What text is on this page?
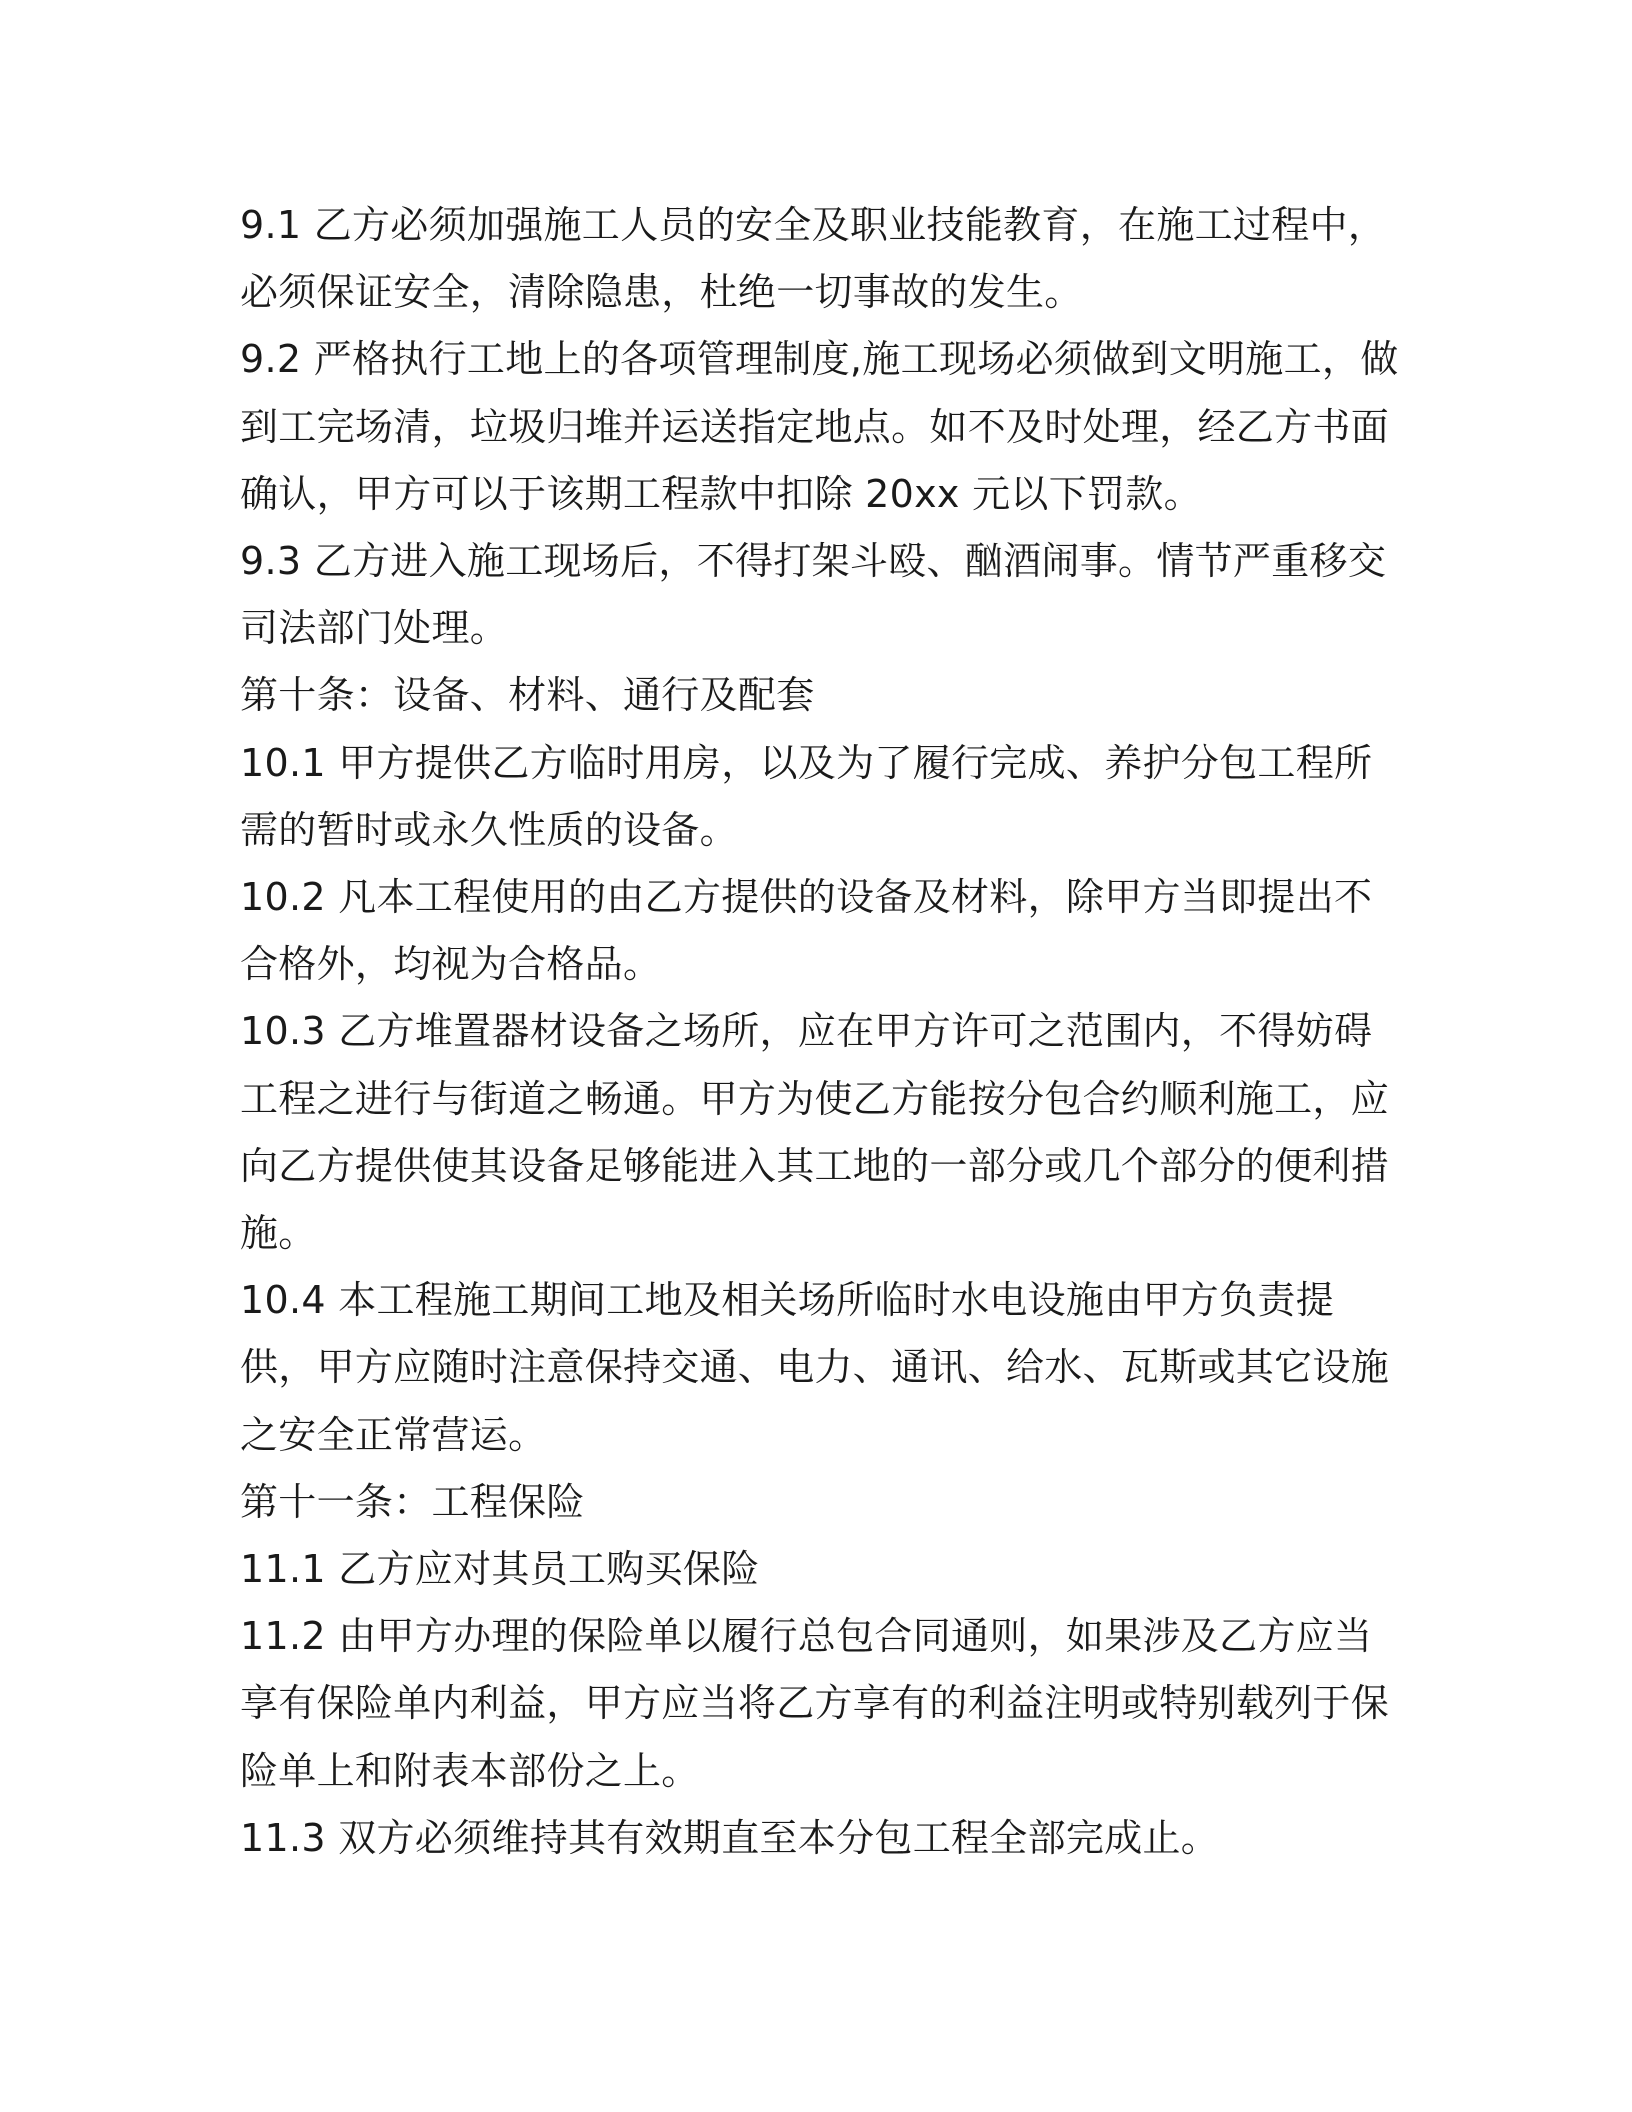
9.1 乙方必须加强施工人员的安全及职业技能教育，在施工过程中，必须保证安全，清除隐患，杜绝一切事故的发生。

9.2 严格执行工地上的各项管理制度,施工现场必须做到文明施工，做到工完场清，垃圾归堆并运送指定地点。如不及时处理，经乙方书面确认，甲方可以于该期工程款中扣除 20xx 元以下罚款。

9.3 乙方进入施工现场后，不得打架斗殴、酗酒闹事。情节严重移交司法部门处理。

第十条：设备、材料、通行及配套

10.1 甲方提供乙方临时用房，以及为了履行完成、养护分包工程所需的暂时或永久性质的设备。

10.2 凡本工程使用的由乙方提供的设备及材料，除甲方当即提出不合格外，均视为合格品。

10.3 乙方堆置器材设备之场所，应在甲方许可之范围内，不得妨碍工程之进行与街道之畅通。甲方为使乙方能按分包合约顺利施工，应向乙方提供使其设备足够能进入其工地的一部分或几个部分的便利措施。

10.4 本工程施工期间工地及相关场所临时水电设施由甲方负责提供，甲方应随时注意保持交通、电力、通讯、给水、瓦斯或其它设施之安全正常营运。

第十一条：工程保险

11.1 乙方应对其员工购买保险

11.2 由甲方办理的保险单以履行总包合同通则，如果涉及乙方应当享有保险单内利益，甲方应当将乙方享有的利益注明或特别载列于保险单上和附表本部份之上。

11.3 双方必须维持其有效期直至本分包工程全部完成止。
